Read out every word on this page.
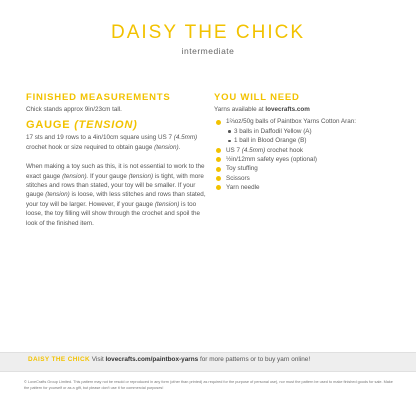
DAISY THE CHICK
intermediate
FINISHED MEASUREMENTS

Chick stands approx 9in/23cm tall.

GAUGE (TENSION)

17 sts and 19 rows to a 4in/10cm square using US 7 (4.5mm) crochet hook or size required to obtain gauge (tension).

When making a toy such as this, it is not essential to work to the exact gauge (tension). If your gauge (tension) is tight, with more stitches and rows than stated, your toy will be smaller. If your gauge (tension) is loose, with less stitches and rows than stated, your toy will be larger. However, if your gauge (tension) is too loose, the toy filling will show through the crochet and spoil the look of the finished item.

YOU WILL NEED

Yarns available at lovecrafts.com

1⅔oz/50g balls of Paintbox Yarns Cotton Aran:
3 balls in Daffodil Yellow (A)
1 ball in Blood Orange (B)
US 7 (4.5mm) crochet hook
½in/12mm safety eyes (optional)
Toy stuffing
Scissors
Yarn needle
DAISY THE CHICK Visit lovecrafts.com/paintbox-yarns for more patterns or to buy yarn online!
© LoveCrafts Group Limited. This pattern may not be resold or reproduced in any form (other than printed) as required for the purpose of personal use), nor must the pattern be used to make finished goods for sale. Make the pattern for yourself or as a gift, but please don't use it for commercial purposes!
